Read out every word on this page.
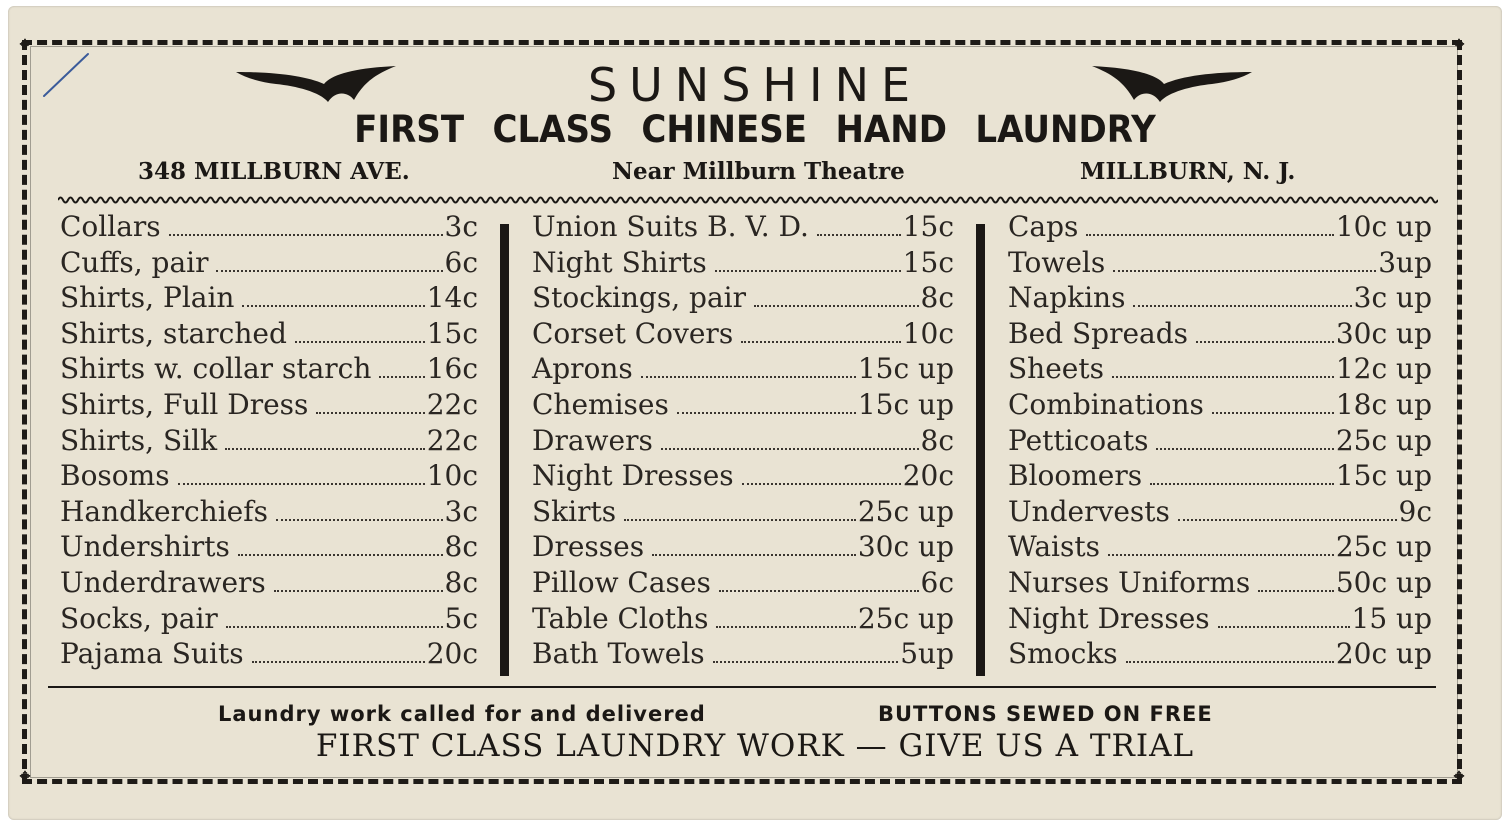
✥	✥
✥	✥
SUNSHINE
FIRST CLASS CHINESE HAND LAUNDRY
348 MILLBURN AVE.	Near Millburn Theatre	MILLBURN, N. J.
Collars	3c
Cuffs, pair	6c
Shirts, Plain	14c
Shirts, starched	15c
Shirts w. collar starch 16c
Shirts, Full Dress	22c
Shirts, Silk	22c
Bosoms	10c
Handkerchiefs	3c
Undershirts	8c
Underdrawers	8c
Socks, pair	5c
Pajama Suits	20c
Union Suits B. V. D.	15c
Night Shirts	15c
Stockings, pair	8c
Corset Covers	10c
Aprons	15c up
Chemises	15c up
Drawers	8c
Night Dresses	20c
Skirts	25c up
Dresses	30c up
Pillow Cases	6c
Table Cloths	25c up
Bath Towels	5up
Caps	10c up
Towels	3up
Napkins	3c up
Bed Spreads	30c up
Sheets	12c up
Combinations	18c up
Petticoats	25c up
Bloomers	15c up
Undervests	9c
Waists	25c up
Nurses Uniforms	50c up
Night Dresses	15 up
Smocks	20c up
Laundry work called for and delivered	BUTTONS SEWED ON FREE
FIRST CLASS LAUNDRY WORK — GIVE US A TRIAL
